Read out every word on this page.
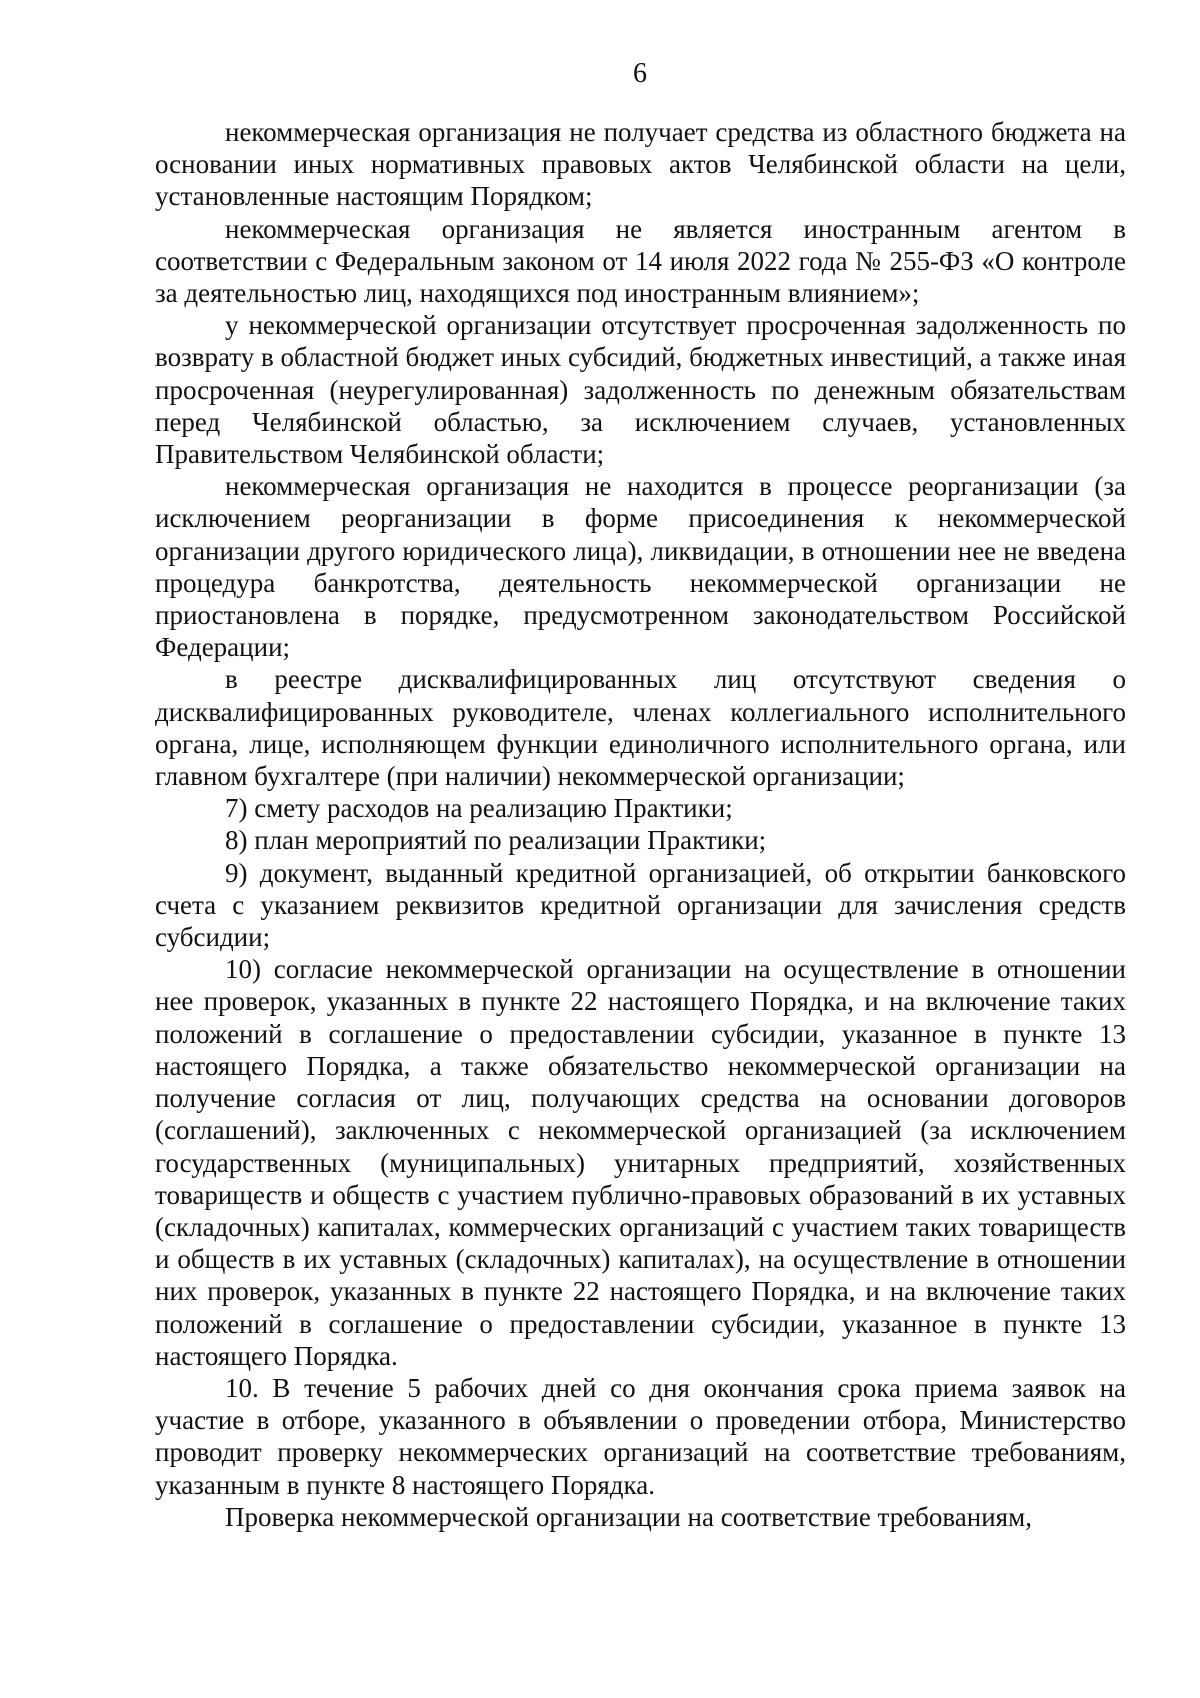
6

некоммерческая организация не получает средства из областного бюджета на основании иных нормативных правовых актов Челябинской области на цели, установленные настоящим Порядком;

некоммерческая организация не является иностранным агентом в соответствии с Федеральным законом от 14 июля 2022 года № 255-ФЗ «О контроле за деятельностью лиц, находящихся под иностранным влиянием»;

у некоммерческой организации отсутствует просроченная задолженность по возврату в областной бюджет иных субсидий, бюджетных инвестиций, а также иная просроченная (неурегулированная) задолженность по денежным обязательствам перед Челябинской областью, за исключением случаев, установленных Правительством Челябинской области;

некоммерческая организация не находится в процессе реорганизации (за исключением реорганизации в форме присоединения к некоммерческой организации другого юридического лица), ликвидации, в отношении нее не введена процедура банкротства, деятельность некоммерческой организации не приостановлена в порядке, предусмотренном законодательством Российской Федерации;

в реестре дисквалифицированных лиц отсутствуют сведения о дисквалифицированных руководителе, членах коллегиального исполнительного органа, лице, исполняющем функции единоличного исполнительного органа, или главном бухгалтере (при наличии) некоммерческой организации;

7) смету расходов на реализацию Практики;

8) план мероприятий по реализации Практики;

9) документ, выданный кредитной организацией, об открытии банковского счета с указанием реквизитов кредитной организации для зачисления средств субсидии;

10) согласие некоммерческой организации на осуществление в отношении нее проверок, указанных в пункте 22 настоящего Порядка, и на включение таких положений в соглашение о предоставлении субсидии, указанное в пункте 13 настоящего Порядка, а также обязательство некоммерческой организации на получение согласия от лиц, получающих средства на основании договоров (соглашений), заключенных с некоммерческой организацией (за исключением государственных (муниципальных) унитарных предприятий, хозяйственных товариществ и обществ с участием публично-правовых образований в их уставных (складочных) капиталах, коммерческих организаций с участием таких товариществ и обществ в их уставных (складочных) капиталах), на осуществление в отношении них проверок, указанных в пункте 22 настоящего Порядка, и на включение таких положений в соглашение о предоставлении субсидии, указанное в пункте 13 настоящего Порядка.

10. В течение 5 рабочих дней со дня окончания срока приема заявок на участие в отборе, указанного в объявлении о проведении отбора, Министерство проводит проверку некоммерческих организаций на соответствие требованиям, указанным в пункте 8 настоящего Порядка.

Проверка некоммерческой организации на соответствие требованиям,
